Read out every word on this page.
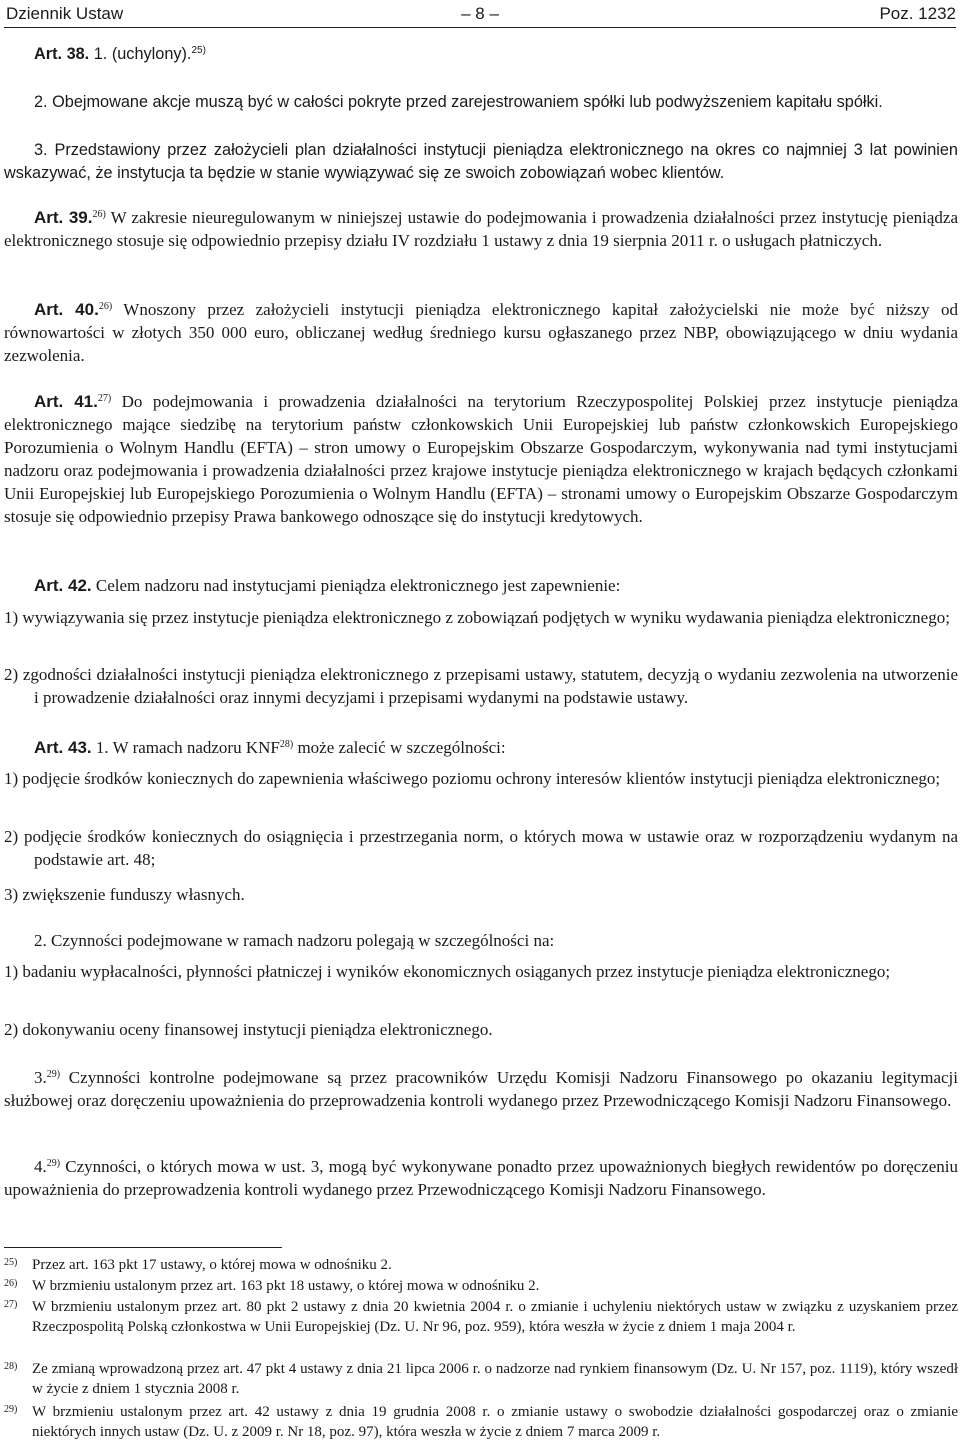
Dziennik Ustaw	– 8 –	Poz. 1232
Art. 38. 1. (uchylony).$^{25)}$
2. Obejmowane akcje muszą być w całości pokryte przed zarejestrowaniem spółki lub podwyższeniem kapitału spółki.
3. Przedstawiony przez założycieli plan działalności instytucji pieniądza elektronicznego na okres co najmniej 3 lat powinien wskazywać, że instytucja ta będzie w stanie wywiązywać się ze swoich zobowiązań wobec klientów.
Art. 39.$^{26)}$ W zakresie nieuregulowanym w niniejszej ustawie do podejmowania i prowadzenia działalności przez instytucję pieniądza elektronicznego stosuje się odpowiednio przepisy działu IV rozdziału 1 ustawy z dnia 19 sierpnia 2011 r. o usługach płatniczych.
Art. 40.$^{26)}$ Wnoszony przez założycieli instytucji pieniądza elektronicznego kapitał założycielski nie może być niższy od równowartości w złotych 350 000 euro, obliczanej według średniego kursu ogłaszanego przez NBP, obowiązującego w dniu wydania zezwolenia.
Art. 41.$^{27)}$ Do podejmowania i prowadzenia działalności na terytorium Rzeczypospolitej Polskiej przez instytucje pieniądza elektronicznego mające siedzibę na terytorium państw członkowskich Unii Europejskiej lub państw członkowskich Europejskiego Porozumienia o Wolnym Handlu (EFTA) – stron umowy o Europejskim Obszarze Gospodarczym, wykonywania nad tymi instytucjami nadzoru oraz podejmowania i prowadzenia działalności przez krajowe instytucje pieniądza elektronicznego w krajach będących członkami Unii Europejskiej lub Europejskiego Porozumienia o Wolnym Handlu (EFTA) – stronami umowy o Europejskim Obszarze Gospodarczym stosuje się odpowiednio przepisy Prawa bankowego odnoszące się do instytucji kredytowych.
Art. 42. Celem nadzoru nad instytucjami pieniądza elektronicznego jest zapewnienie:
1) wywiązywania się przez instytucje pieniądza elektronicznego z zobowiązań podjętych w wyniku wydawania pieniądza elektronicznego;
2) zgodności działalności instytucji pieniądza elektronicznego z przepisami ustawy, statutem, decyzją o wydaniu zezwolenia na utworzenie i prowadzenie działalności oraz innymi decyzjami i przepisami wydanymi na podstawie ustawy.
Art. 43. 1. W ramach nadzoru KNF$^{28)}$ może zalecić w szczególności:
1) podjęcie środków koniecznych do zapewnienia właściwego poziomu ochrony interesów klientów instytucji pieniądza elektronicznego;
2) podjęcie środków koniecznych do osiągnięcia i przestrzegania norm, o których mowa w ustawie oraz w rozporządzeniu wydanym na podstawie art. 48;
3) zwiększenie funduszy własnych.
2. Czynności podejmowane w ramach nadzoru polegają w szczególności na:
1) badaniu wypłacalności, płynności płatniczej i wyników ekonomicznych osiąganych przez instytucje pieniądza elektronicznego;
2) dokonywaniu oceny finansowej instytucji pieniądza elektronicznego.
3.$^{29)}$ Czynności kontrolne podejmowane są przez pracowników Urzędu Komisji Nadzoru Finansowego po okazaniu legitymacji służbowej oraz doręczeniu upoważnienia do przeprowadzenia kontroli wydanego przez Przewodniczącego Komisji Nadzoru Finansowego.
4.$^{29)}$ Czynności, o których mowa w ust. 3, mogą być wykonywane ponadto przez upoważnionych biegłych rewidentów po doręczeniu upoważnienia do przeprowadzenia kontroli wydanego przez Przewodniczącego Komisji Nadzoru Finansowego.
25) Przez art. 163 pkt 17 ustawy, o której mowa w odnośniku 2.
26) W brzmieniu ustalonym przez art. 163 pkt 18 ustawy, o której mowa w odnośniku 2.
27) W brzmieniu ustalonym przez art. 80 pkt 2 ustawy z dnia 20 kwietnia 2004 r. o zmianie i uchyleniu niektórych ustaw w związku z uzyskaniem przez Rzeczpospolitą Polską członkostwa w Unii Europejskiej (Dz. U. Nr 96, poz. 959), która weszła w życie z dniem 1 maja 2004 r.
28) Ze zmianą wprowadzoną przez art. 47 pkt 4 ustawy z dnia 21 lipca 2006 r. o nadzorze nad rynkiem finansowym (Dz. U. Nr 157, poz. 1119), który wszedł w życie z dniem 1 stycznia 2008 r.
29) W brzmieniu ustalonym przez art. 42 ustawy z dnia 19 grudnia 2008 r. o zmianie ustawy o swobodzie działalności gospodarczej oraz o zmianie niektórych innych ustaw (Dz. U. z 2009 r. Nr 18, poz. 97), która weszła w życie z dniem 7 marca 2009 r.
